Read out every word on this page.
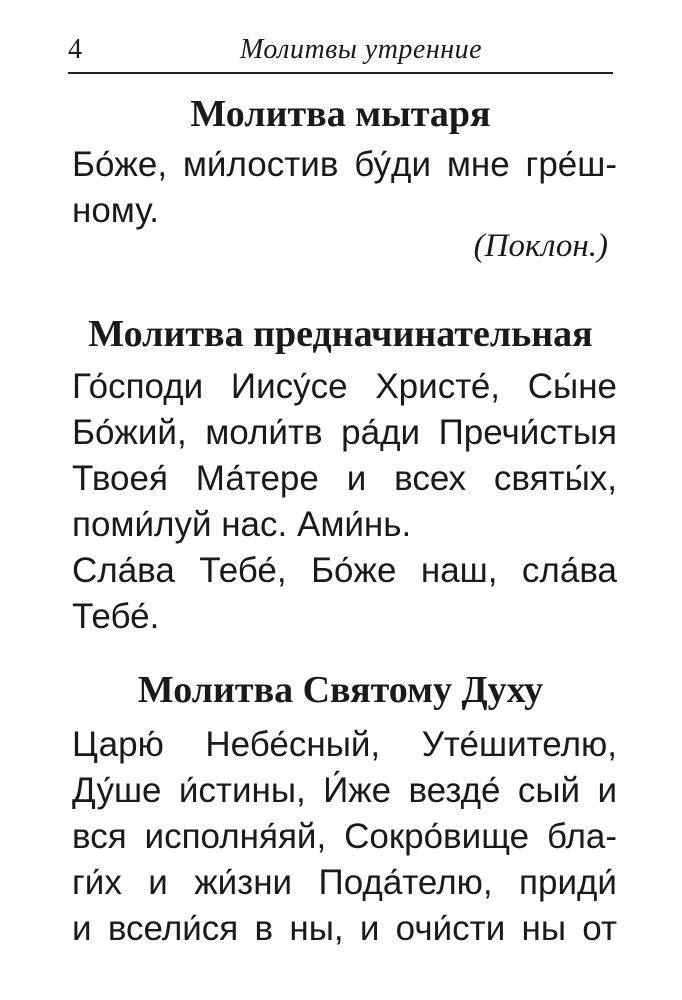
4	Молитвы утренние
Молитва мытаря

Бо́же, ми́лостив бу́ди мне гре́ш-
ному.

(Поклон.)

Молитва предначинательная

Го́споди Иису́се Христе́, Сы́не
Бо́жий, моли́тв ра́ди Пречи́стыя
Твоея́ Ма́тере и всех святы́х,
поми́луй нас. Ами́нь.

Сла́ва Тебе́, Бо́же наш, сла́ва
Тебе́.

Молитва Святому Духу

Царю́ Небе́сный, Уте́шителю,
Ду́ше и́стины, И́же везде́ сый и
вся исполня́яй, Сокро́вище бла-
ги́х и жи́зни Пода́телю, приди́
и всели́ся в ны, и очи́сти ны от
